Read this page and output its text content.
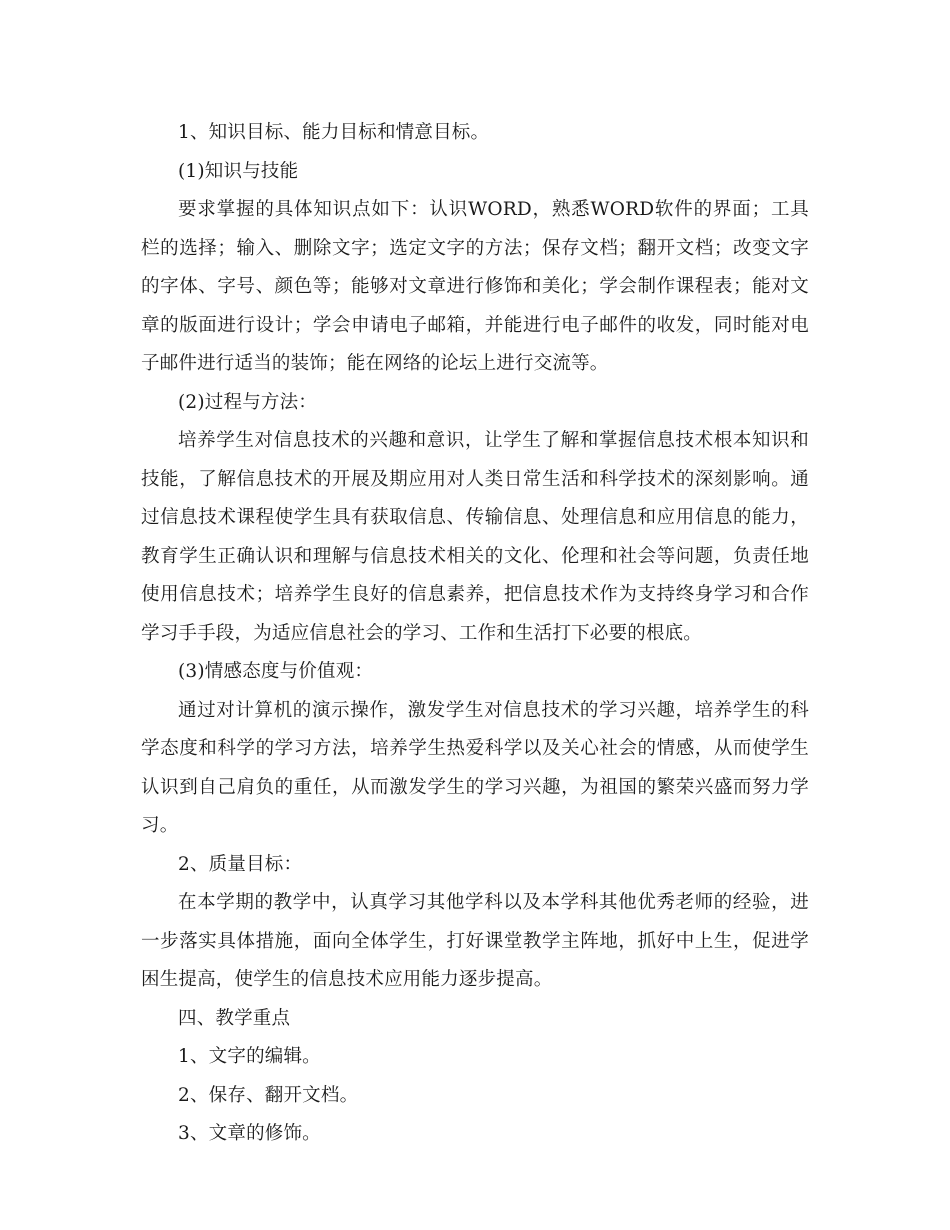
1、知识目标、能力目标和情意目标。

(1)知识与技能

要求掌握的具体知识点如下：认识WORD，熟悉WORD软件的界面；工具栏的选择；输入、删除文字；选定文字的方法；保存文档；翻开文档；改变文字的字体、字号、颜色等；能够对文章进行修饰和美化；学会制作课程表；能对文章的版面进行设计；学会申请电子邮箱，并能进行电子邮件的收发，同时能对电子邮件进行适当的装饰；能在网络的论坛上进行交流等。

(2)过程与方法：

培养学生对信息技术的兴趣和意识，让学生了解和掌握信息技术根本知识和技能，了解信息技术的开展及期应用对人类日常生活和科学技术的深刻影响。通过信息技术课程使学生具有获取信息、传输信息、处理信息和应用信息的能力，教育学生正确认识和理解与信息技术相关的文化、伦理和社会等问题，负责任地使用信息技术；培养学生良好的信息素养，把信息技术作为支持终身学习和合作学习手手段，为适应信息社会的学习、工作和生活打下必要的根底。

(3)情感态度与价值观：

通过对计算机的演示操作，激发学生对信息技术的学习兴趣，培养学生的科学态度和科学的学习方法，培养学生热爱科学以及关心社会的情感，从而使学生认识到自己肩负的重任，从而激发学生的学习兴趣，为祖国的繁荣兴盛而努力学习。

2、质量目标：

在本学期的教学中，认真学习其他学科以及本学科其他优秀老师的经验，进一步落实具体措施，面向全体学生，打好课堂教学主阵地，抓好中上生，促进学困生提高，使学生的信息技术应用能力逐步提高。

四、教学重点

1、文字的编辑。

2、保存、翻开文档。

3、文章的修饰。
